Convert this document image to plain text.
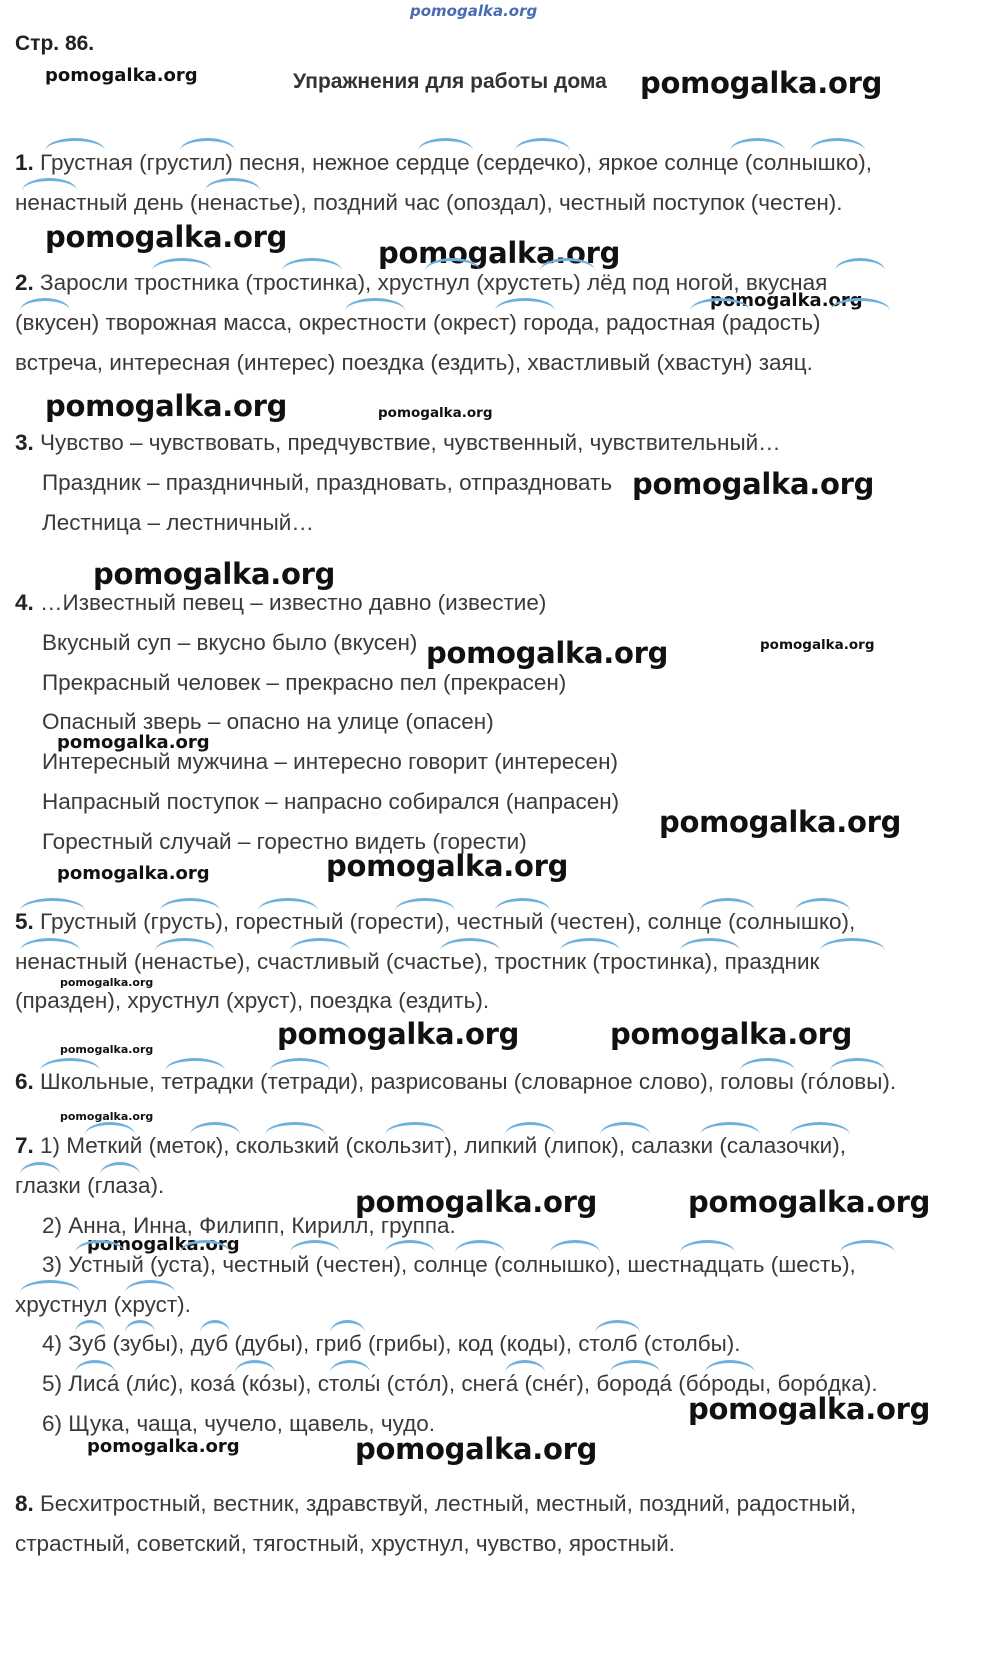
pomogalka.org
Стр. 86.
Упражнения для работы дома
pomogalka.org	pomogalka.org
pomogalka.org	pomogalka.org
pomogalka.org
pomogalka.org	pomogalka.org
pomogalka.org
pomogalka.org
pomogalka.org	pomogalka.org
pomogalka.org
pomogalka.org
pomogalka.org
pomogalka.org
pomogalka.org
pomogalka.org	pomogalka.org
pomogalka.org
pomogalka.org
pomogalka.org	pomogalka.org
pomogalka.org
pomogalka.org
pomogalka.org	pomogalka.org
1. Грустная (грустил) песня, нежное сердце (сердечко), яркое солнце (солнышко),
ненастный день (ненастье), поздний час (опоздал), честный поступок (честен).
2. Заросли тростника (тростинка), хрустнул (хрустеть) лёд под ногой, вкусная
(вкусен) творожная масса, окрестности (окрест) города, радостная (радость)
встреча, интересная (интерес) поездка (ездить), хвастливый (хвастун) заяц.
3. Чувство – чувствовать, предчувствие, чувственный, чувствительный…
Праздник – праздничный, праздновать, отпраздновать
Лестница – лестничный…
4. …Известный певец – известно давно (известие)
Вкусный суп – вкусно было (вкусен)
Прекрасный человек – прекрасно пел (прекрасен)
Опасный зверь – опасно на улице (опасен)
Интересный мужчина – интересно говорит (интересен)
Напрасный поступок – напрасно собирался (напрасен)
Горестный случай – горестно видеть (горести)
5. Грустный (грусть), горестный (горести), честный (честен), солнце (солнышко),
ненастный (ненастье), счастливый (счастье), тростник (тростинка), праздник
(празден), хрустнул (хруст), поездка (ездить).
6. Школьные, тетрадки (тетради), разрисованы (словарное слово), головы (гóловы).
7. 1) Меткий (меток), скользкий (скользит), липкий (липок), салазки (салазочки),
глазки (глаза).
2) Анна, Инна, Филипп, Кирилл, группа.
3) Устный (уста), честный (честен), солнце (солнышко), шестнадцать (шесть),
хрустнул (хруст).
4) Зуб (зубы), дуб (дубы), гриб (грибы), код (коды), столб (столбы).
5) Лисá (ли́с), козá (кóзы), столы́ (стóл), снегá (снéг), бородá (бóроды, борóдка).
6) Щука, чаща, чучело, щавель, чудо.
8. Бесхитростный, вестник, здравствуй, лестный, местный, поздний, радостный,
страстный, советский, тягостный, хрустнул, чувство, яростный.
